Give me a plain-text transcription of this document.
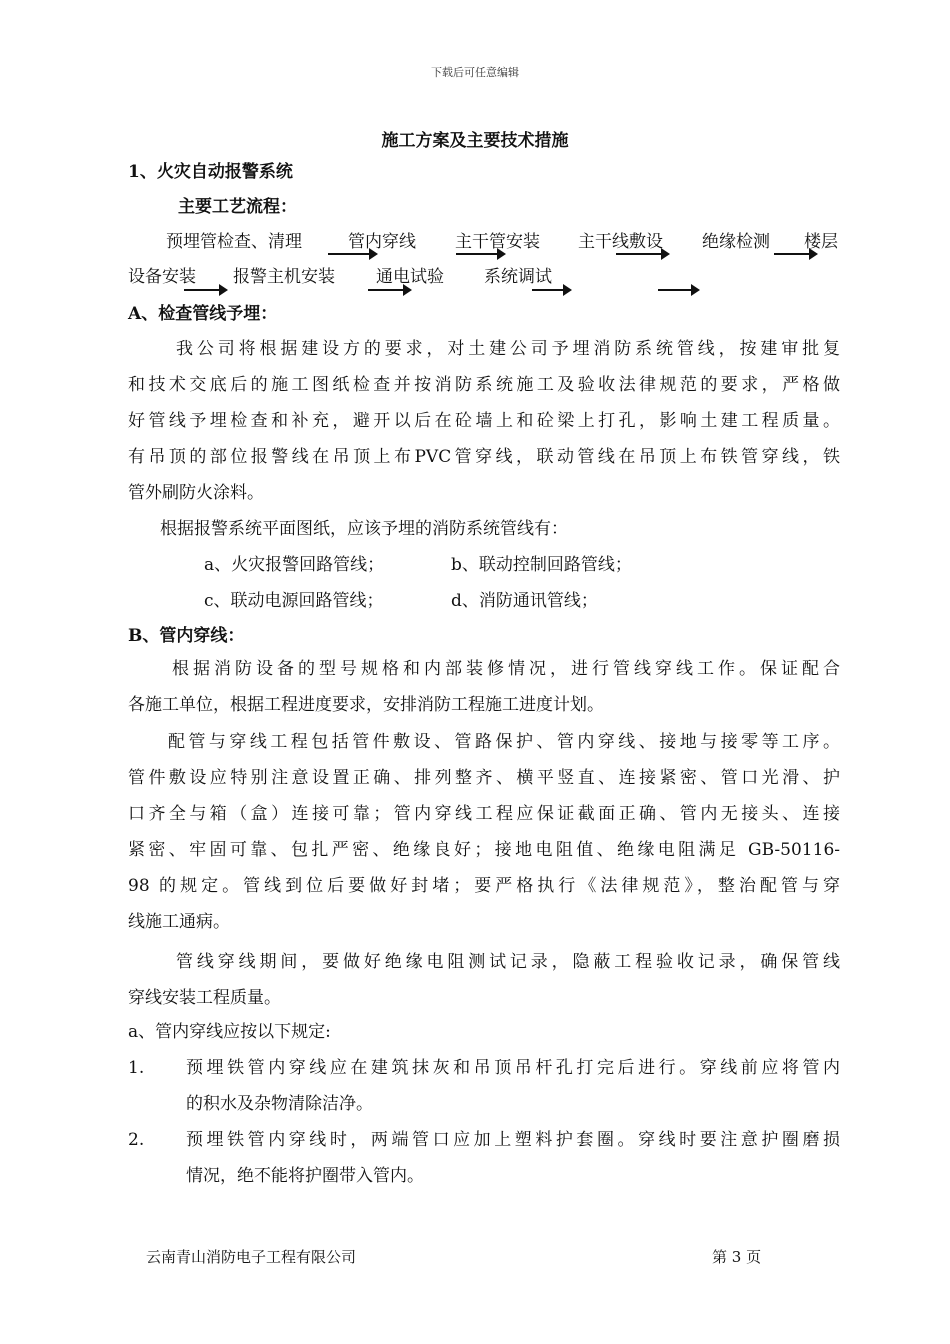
下载后可任意编辑
施工方案及主要技术措施
1、火灾自动报警系统
主要工艺流程：
预埋管检查、清理	管内穿线 主干管安装 主干线敷设 绝缘检测 楼层
设备安装 报警主机安装 通电试验 系统调试
A、检查管线予埋：
我公司将根据建设方的要求，对土建公司予埋消防系统管线，按建审批复
和技术交底后的施工图纸检查并按消防系统施工及验收法律规范的要求，严格做
好管线予埋检查和补充，避开以后在砼墙上和砼梁上打孔，影响土建工程质量。
有吊顶的部位报警线在吊顶上布PVC管穿线，联动管线在吊顶上布铁管穿线，铁
管外刷防火涂料。
根据报警系统平面图纸，应该予埋的消防系统管线有：
a、火灾报警回路管线；	b、联动控制回路管线；
c、联动电源回路管线；	d、消防通讯管线；
B、管内穿线：
根据消防设备的型号规格和内部装修情况，进行管线穿线工作。保证配合
各施工单位，根据工程进度要求，安排消防工程施工进度计划。
配管与穿线工程包括管件敷设、管路保护、管内穿线、接地与接零等工序。
管件敷设应特别注意设置正确、排列整齐、横平竖直、连接紧密、管口光滑、护
口齐全与箱（盒）连接可靠；管内穿线工程应保证截面正确、管内无接头、连接
紧密、牢固可靠、包扎严密、绝缘良好；接地电阻值、绝缘电阻满足 GB-50116-
98 的规定。管线到位后要做好封堵；要严格执行《法律规范》，整治配管与穿
线施工通病。
管线穿线期间，要做好绝缘电阻测试记录，隐蔽工程验收记录，确保管线
穿线安装工程质量。
a、管内穿线应按以下规定:
1. 预埋铁管内穿线应在建筑抹灰和吊顶吊杆孔打完后进行。穿线前应将管内
的积水及杂物清除洁净。
2. 预埋铁管内穿线时，两端管口应加上塑料护套圈。穿线时要注意护圈磨损
情况，绝不能将护圈带入管内。
云南青山消防电子工程有限公司	第 3 页
